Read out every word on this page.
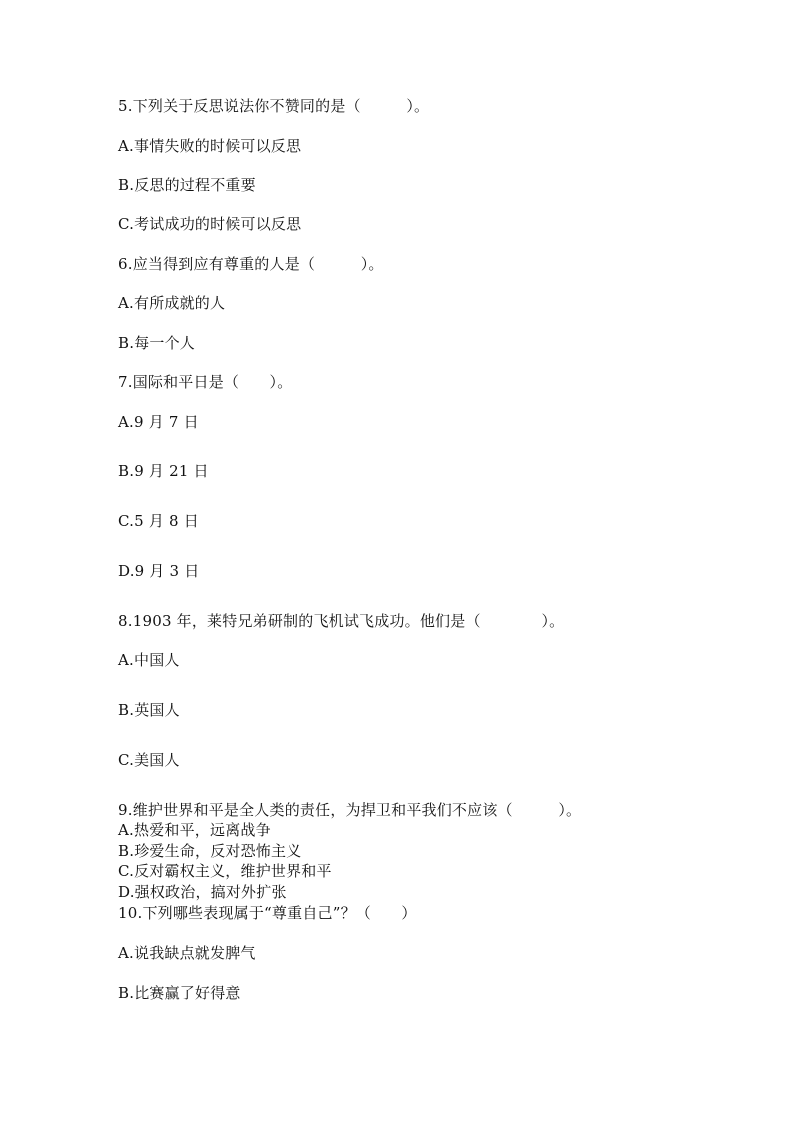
5.下列关于反思说法你不赞同的是（　　　）。
A.事情失败的时候可以反思
B.反思的过程不重要
C.考试成功的时候可以反思
6.应当得到应有尊重的人是（　　　）。
A.有所成就的人
B.每一个人
7.国际和平日是（　　）。
A.9 月 7 日
B.9 月 21 日
C.5 月 8 日
D.9 月 3 日
8.1903 年，莱特兄弟研制的飞机试飞成功。他们是（　　　　）。
A.中国人
B.英国人
C.美国人
9.维护世界和平是全人类的责任，为捍卫和平我们不应该（　　　）。
A.热爱和平，远离战争
B.珍爱生命，反对恐怖主义
C.反对霸权主义，维护世界和平
D.强权政治，搞对外扩张
10.下列哪些表现属于“尊重自己”？（　　）
A.说我缺点就发脾气
B.比赛赢了好得意
